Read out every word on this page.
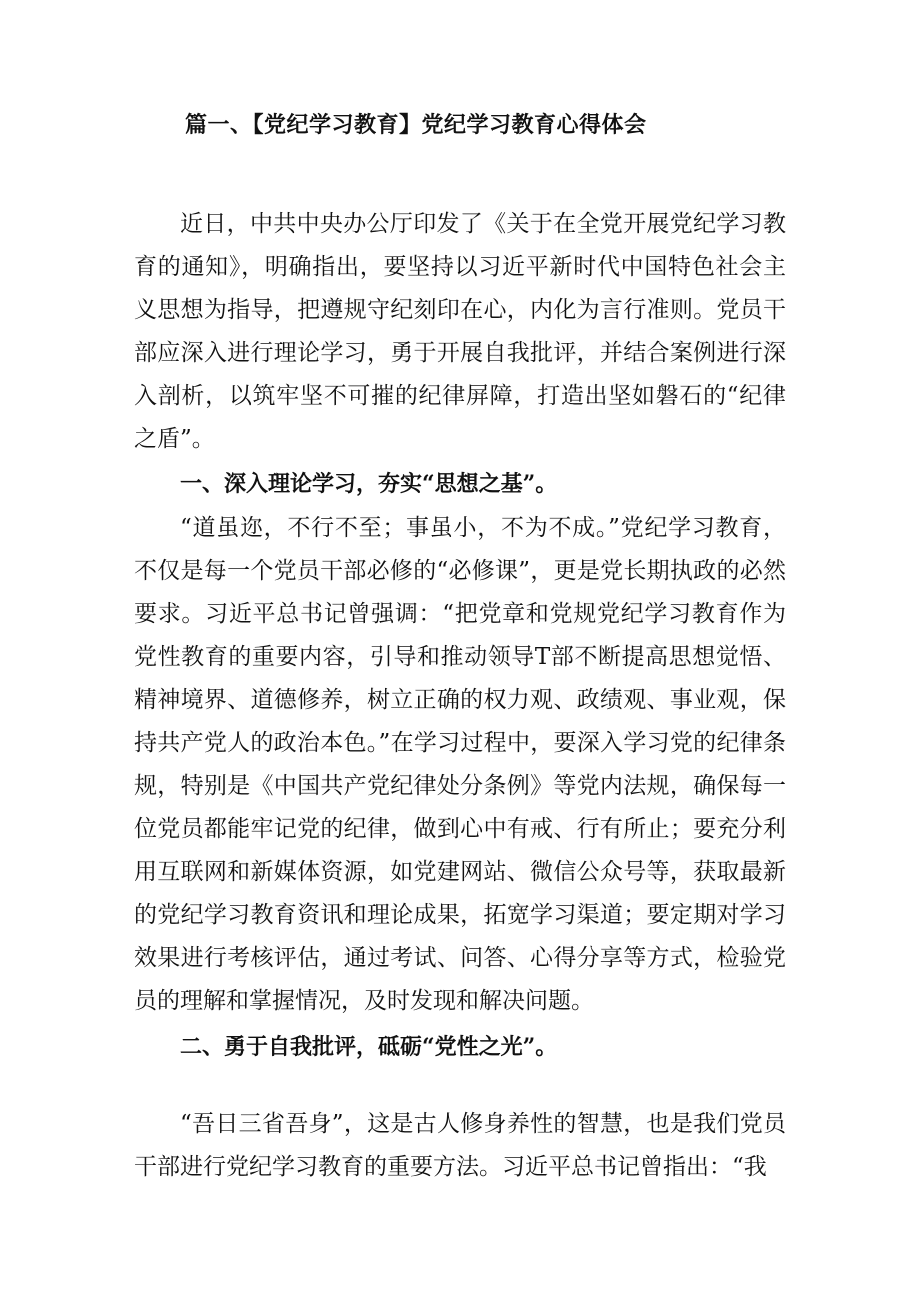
篇一、【党纪学习教育】党纪学习教育心得体会

近日，中共中央办公厅印发了《关于在全党开展党纪学习教育的通知》，明确指出，要坚持以习近平新时代中国特色社会主义思想为指导，把遵规守纪刻印在心，内化为言行准则。党员干部应深入进行理论学习，勇于开展自我批评，并结合案例进行深入剖析，以筑牢坚不可摧的纪律屏障，打造出坚如磐石的“纪律之盾”。

一、深入理论学习，夯实“思想之基”。

“道虽迩，不行不至；事虽小，不为不成。”党纪学习教育，不仅是每一个党员干部必修的“必修课”，更是党长期执政的必然要求。习近平总书记曾强调：“把党章和党规党纪学习教育作为党性教育的重要内容，引导和推动领导T部不断提高思想觉悟、精神境界、道德修养，树立正确的权力观、政绩观、事业观，保持共产党人的政治本色。”在学习过程中，要深入学习党的纪律条规，特别是《中国共产党纪律处分条例》等党内法规，确保每一位党员都能牢记党的纪律，做到心中有戒、行有所止；要充分利用互联网和新媒体资源，如党建网站、微信公众号等，获取最新的党纪学习教育资讯和理论成果，拓宽学习渠道；要定期对学习效果进行考核评估，通过考试、问答、心得分享等方式，检验党员的理解和掌握情况，及时发现和解决问题。

二、勇于自我批评，砥砺“党性之光”。

“吾日三省吾身”，这是古人修身养性的智慧，也是我们党员干部进行党纪学习教育的重要方法。习近平总书记曾指出：“我
